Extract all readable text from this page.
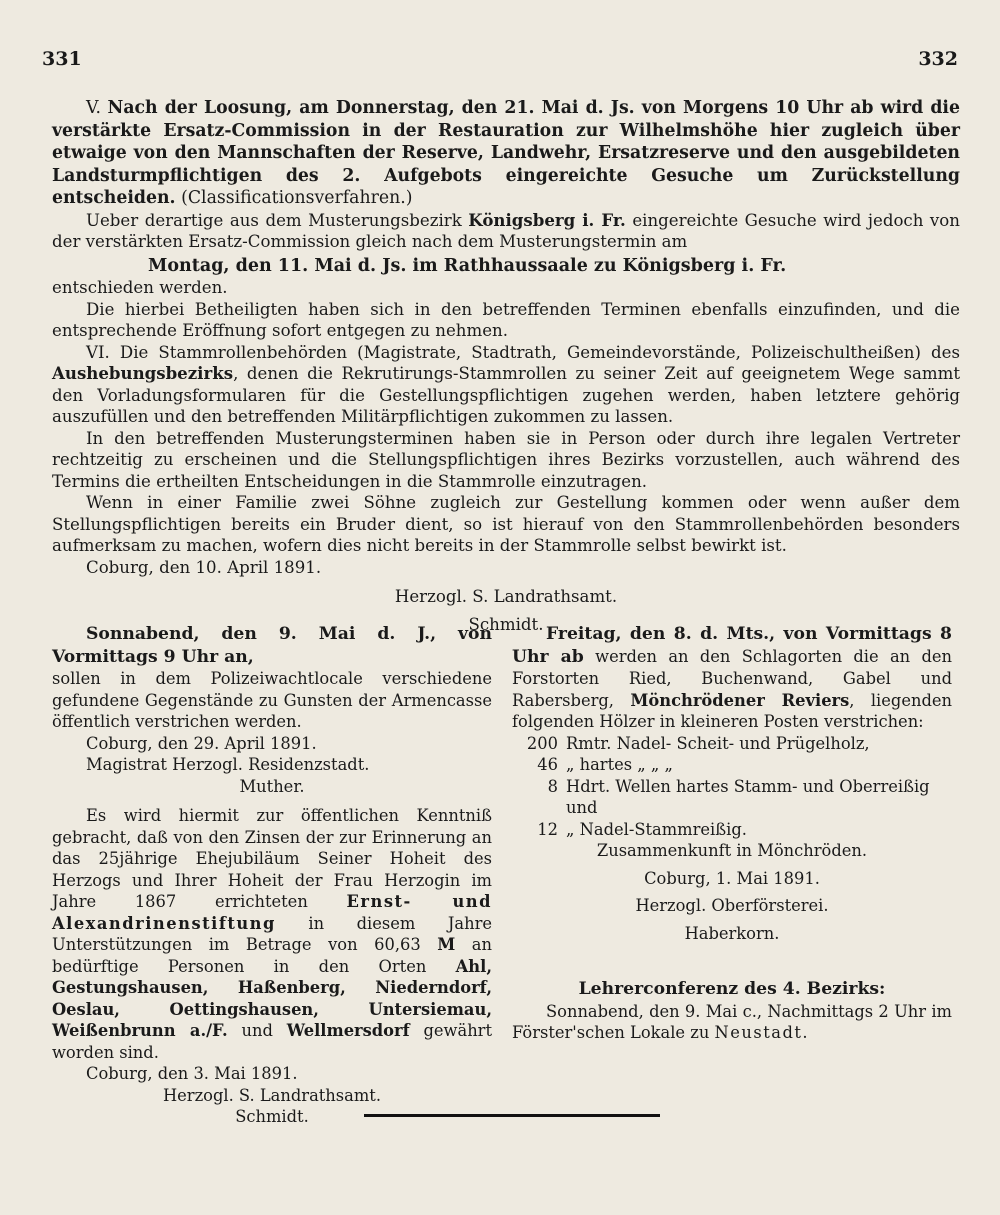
331	332

V. Nach der Loosung, am Donnerstag, den 21. Mai d. Js. von Morgens 10 Uhr ab wird die verstärkte Ersatz-Commission in der Restauration zur Wilhelmshöhe hier zugleich über etwaige von den Mannschaften der Reserve, Landwehr, Ersatzreserve und den ausgebildeten Landsturmpflichtigen des 2. Aufgebots eingereichte Gesuche um Zurückstellung entscheiden. (Classificationsverfahren.)

Ueber derartige aus dem Musterungsbezirk Königsberg i. Fr. eingereichte Gesuche wird jedoch von der verstärkten Ersatz-Commission gleich nach dem Musterungstermin am

Montag, den 11. Mai d. Js. im Rathhaussaale zu Königsberg i. Fr.

entschieden werden.

Die hierbei Betheiligten haben sich in den betreffenden Terminen ebenfalls einzufinden, und die entsprechende Eröffnung sofort entgegen zu nehmen.

VI. Die Stammrollenbehörden (Magistrate, Stadtrath, Gemeindevorstände, Polizeischultheißen) des Aushebungsbezirks, denen die Rekrutirungs-Stammrollen zu seiner Zeit auf geeignetem Wege sammt den Vorladungsformularen für die Gestellungspflichtigen zugehen werden, haben letztere gehörig auszufüllen und den betreffenden Militärpflichtigen zukommen zu lassen.

In den betreffenden Musterungsterminen haben sie in Person oder durch ihre legalen Vertreter rechtzeitig zu erscheinen und die Stellungspflichtigen ihres Bezirks vorzustellen, auch während des Termins die ertheilten Entscheidungen in die Stammrolle einzutragen.

Wenn in einer Familie zwei Söhne zugleich zur Gestellung kommen oder wenn außer dem Stellungspflichtigen bereits ein Bruder dient, so ist hierauf von den Stammrollenbehörden besonders aufmerksam zu machen, wofern dies nicht bereits in der Stammrolle selbst bewirkt ist.

Coburg, den 10. April 1891.

Herzogl. S. Landrathsamt.

Schmidt.

Sonnabend, den 9. Mai d. J., von Vormittags 9 Uhr an,

sollen in dem Polizeiwachtlocale verschiedene gefundene Gegenstände zu Gunsten der Armencasse öffentlich verstrichen werden.

Coburg, den 29. April 1891.

Magistrat Herzogl. Residenzstadt.

Muther.

Es wird hiermit zur öffentlichen Kenntniß gebracht, daß von den Zinsen der zur Erinnerung an das 25jährige Ehejubiläum Seiner Hoheit des Herzogs und Ihrer Hoheit der Frau Herzogin im Jahre 1867 errichteten Ernst- und Alexandrinenstiftung in diesem Jahre Unterstützungen im Betrage von 60,63 M an bedürftige Personen in den Orten Ahl, Gestungshausen, Haßenberg, Niederndorf, Oeslau, Oettingshausen, Untersiemau, Weißenbrunn a./F. und Wellmersdorf gewährt worden sind.

Coburg, den 3. Mai 1891.

Herzogl. S. Landrathsamt.

Schmidt.

Freitag, den 8. d. Mts., von Vormittags 8 Uhr ab werden an den Schlagorten die an den Forstorten Ried, Buchenwand, Gabel und Rabersberg, Mönchrödener Reviers, liegenden folgenden Hölzer in kleineren Posten verstrichen:

200 Rmtr. Nadel- Scheit- und Prügelholz,
46 „ hartes „ „ „
8 Hdrt. Wellen hartes Stamm- und Oberreißig und
12 „ Nadel-Stammreißig.

Zusammenkunft in Mönchröden.

Coburg, 1. Mai 1891.

Herzogl. Oberförsterei.

Haberkorn.

Lehrerconferenz des 4. Bezirks:

Sonnabend, den 9. Mai c., Nachmittags 2 Uhr im Förster'schen Lokale zu Neustadt.
